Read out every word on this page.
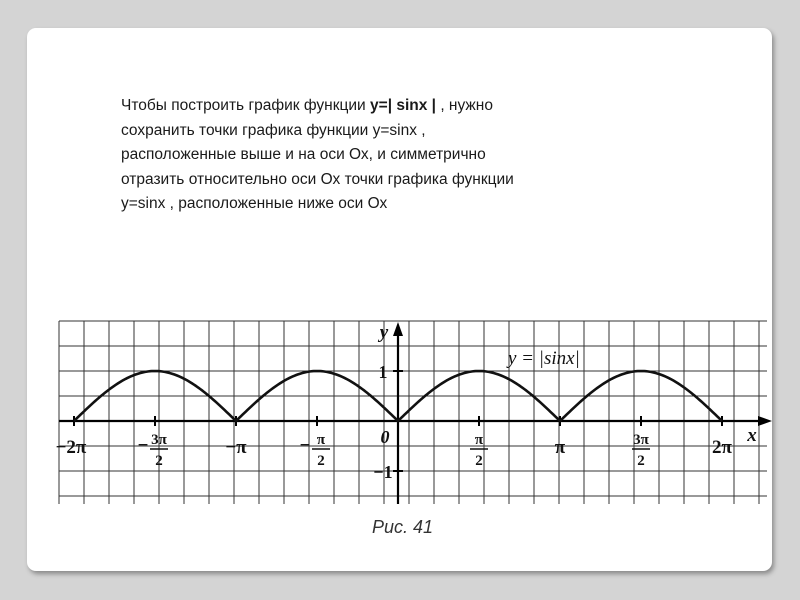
Чтобы построить график функции y=| sinx | , нужно
сохранить точки графика функции y=sinx ,
расположенные выше и на оси Ох, и симметрично
отразить относительно оси Ох точки графика функции
y=sinx , расположенные ниже оси Ох
x
y
0
1
−1
−2π	− 3π
2
−π	− π
2
π
2
π	3π
2
2π
y = |sinx|
Рис. 41
